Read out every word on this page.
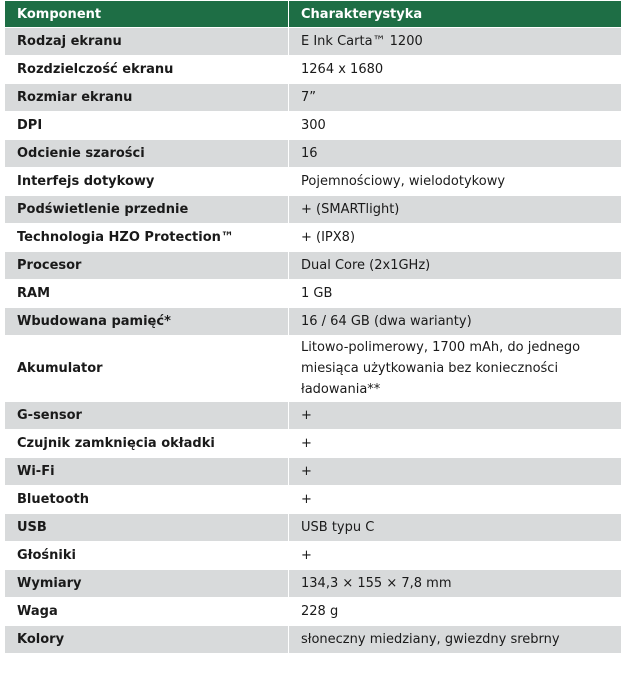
Komponent	Charakterystyka
Rodzaj ekranu	E Ink Carta™ 1200
Rozdzielczość ekranu	1264 x 1680
Rozmiar ekranu	7”
DPI	300
Odcienie szarości	16
Interfejs dotykowy	Pojemnościowy, wielodotykowy
Podświetlenie przednie	+ (SMARTlight)
Technologia HZO Protection™	+ (IPX8)
Procesor	Dual Core (2x1GHz)
RAM	1 GB
Wbudowana pamięć*	16 / 64 GB (dwa warianty)
Akumulator	Litowo-polimerowy, 1700 mAh, do jednego miesiąca użytkowania bez konieczności ładowania**
G-sensor	+
Czujnik zamknięcia okładki	+
Wi-Fi	+
Bluetooth	+
USB	USB typu C
Głośniki	+
Wymiary	134,3 × 155 × 7,8 mm
Waga	228 g
Kolory	słoneczny miedziany, gwiezdny srebrny
